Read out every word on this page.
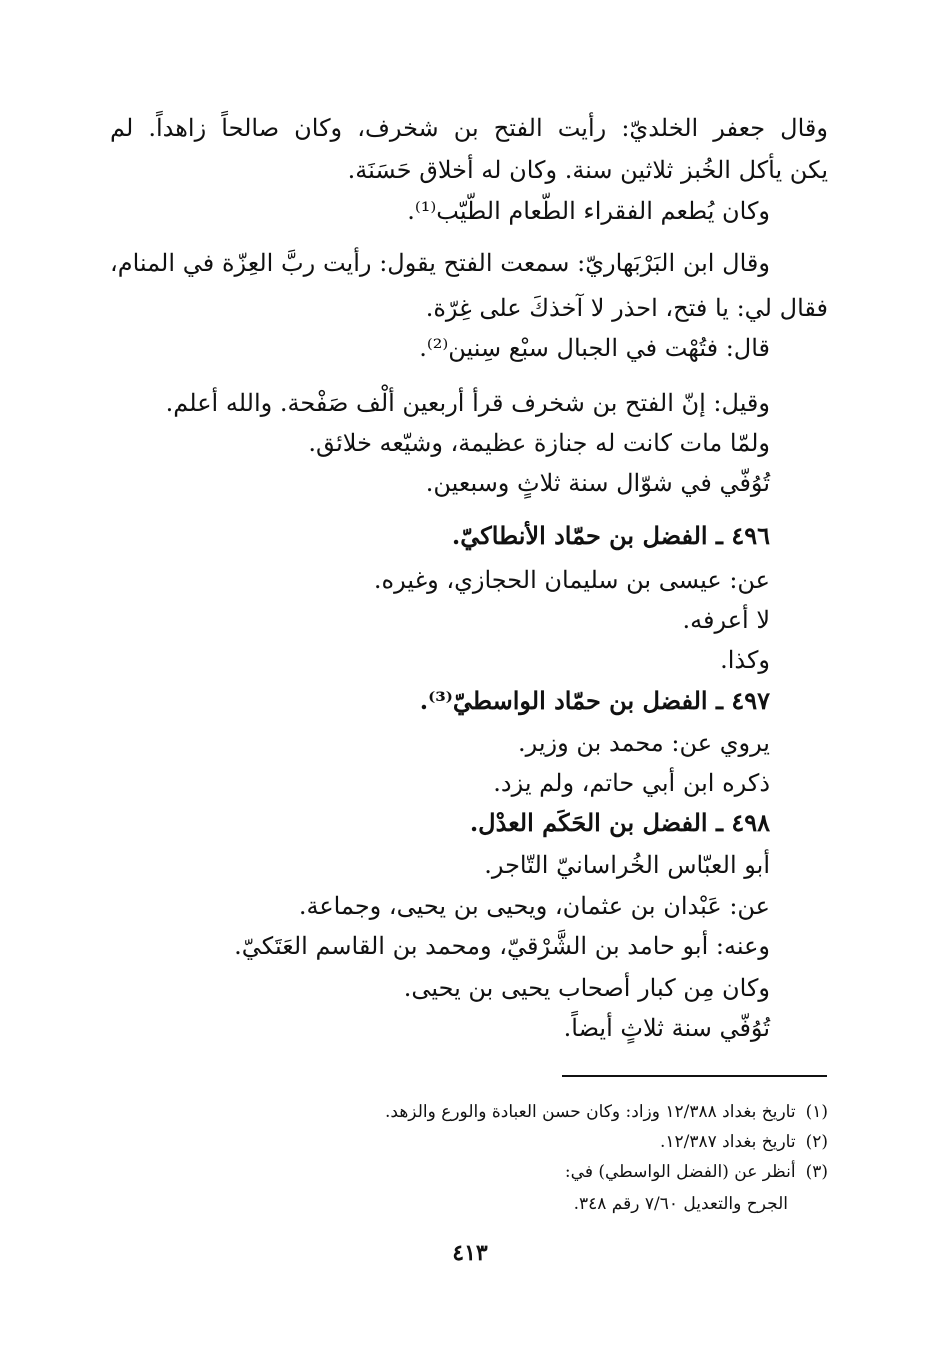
وقال جعفر الخلديّ: رأيت الفتح بن شخرف، وكان صالحاً زاهداً. لم
يكن يأكل الخُبز ثلاثين سنة. وكان له أخلاق حَسَنَة.
وكان يُطعم الفقراء الطّعام الطّيّب⁽¹⁾.
وقال ابن البَرْبَهاريّ: سمعت الفتح يقول: رأيت ربَّ العِزّة في المنام،
فقال لي: يا فتح، احذر لا آخذكَ على غِرّة.
قال: فتُهْت في الجبال سبْع سِنين⁽²⁾.
وقيل: إنّ الفتح بن شخرف قرأ أربعين ألْف صَفْحة. والله أعلم.
ولمّا مات كانت له جنازة عظيمة، وشيّعه خلائق.
تُوُفّي في شوّال سنة ثلاثٍ وسبعين.
٤٩٦ ـ الفضل بن حمّاد الأنطاكيّ.
عن: عيسى بن سليمان الحجازي، وغيره.
لا أعرفه.
وكذا.
٤٩٧ ـ الفضل بن حمّاد الواسطيّ⁽³⁾.
يروي عن: محمد بن وزير.
ذكره ابن أبي حاتم، ولم يزد.
٤٩٨ ـ الفضل بن الحَكَم العدْل.
أبو العبّاس الخُراسانيّ التّاجر.
عن: عَبْدان بن عثمان، ويحيى بن يحيى، وجماعة.
وعنه: أبو حامد بن الشَّرْقيّ، ومحمد بن القاسم العَتَكيّ.
وكان مِن كبار أصحاب يحيى بن يحيى.
تُوُفّي سنة ثلاثٍ أيضاً.
(١)تاريخ بغداد ١٢/٣٨٨ وزاد: وكان حسن العبادة والورع والزهد.
(٢)تاريخ بغداد ١٢/٣٨٧.
(٣)أنظر عن (الفضل الواسطي) في:
الجرح والتعديل ٧/٦٠ رقم ٣٤٨.
٤١٣
